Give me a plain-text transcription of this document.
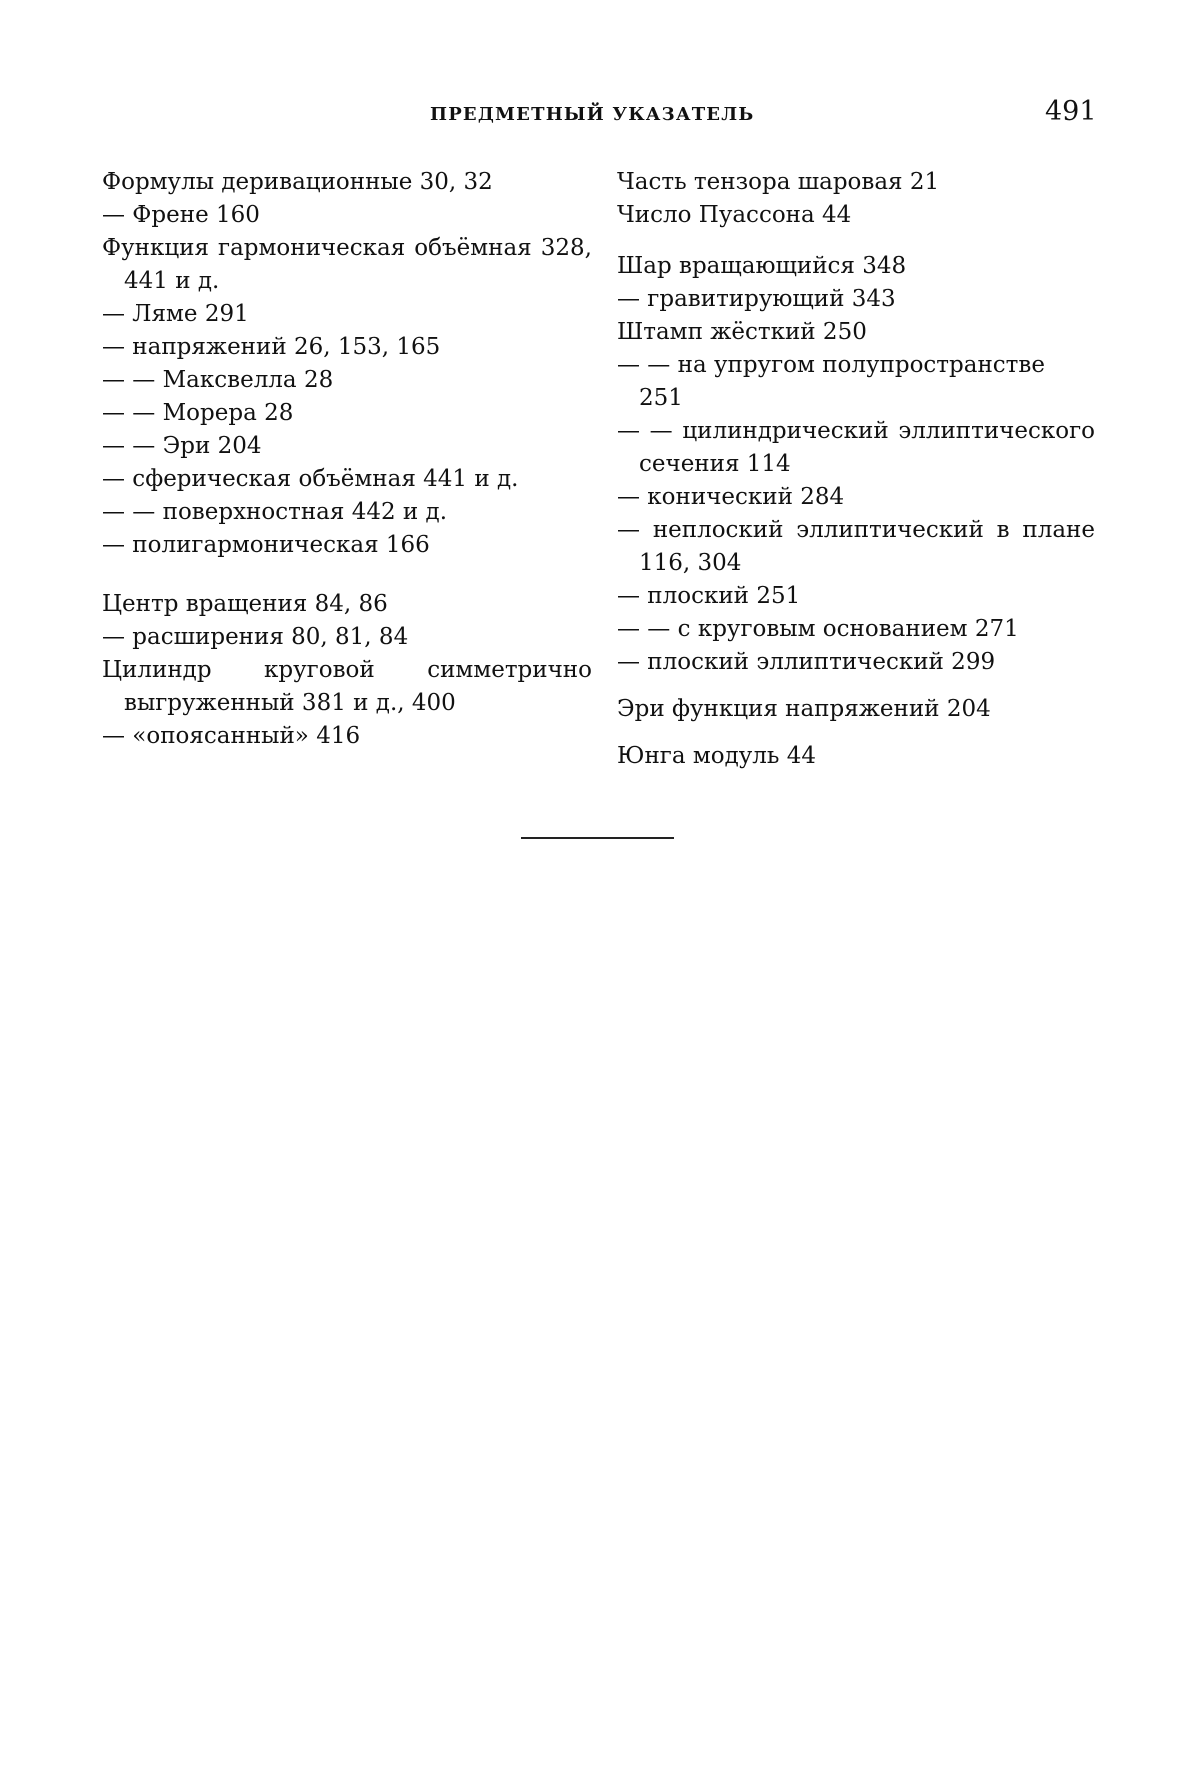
ПРЕДМЕТНЫЙ УКАЗАТЕЛЬ	491

Формулы деривационные 30, 32

— Френе 160

Функция гармоническая объёмная 328, 441 и д.

— Ляме 291

— напряжений 26, 153, 165

— — Максвелла 28

— — Морера 28

— — Эри 204

— сферическая объёмная 441 и д.

— — поверхностная 442 и д.

— полигармоническая 166

Центр вращения 84, 86

— расширения 80, 81, 84

Цилиндр круговой симметрично выгруженный 381 и д., 400

— «опоясанный» 416

Часть тензора шаровая 21

Число Пуассона 44

Шар вращающийся 348

— гравитирующий 343

Штамп жёсткий 250

— — на упругом полупространстве 251

— — цилиндрический эллиптического сечения 114

— конический 284

— неплоский эллиптический в плане 116, 304

— плоский 251

— — с круговым основанием 271

— плоский эллиптический 299

Эри функция напряжений 204

Юнга модуль 44
